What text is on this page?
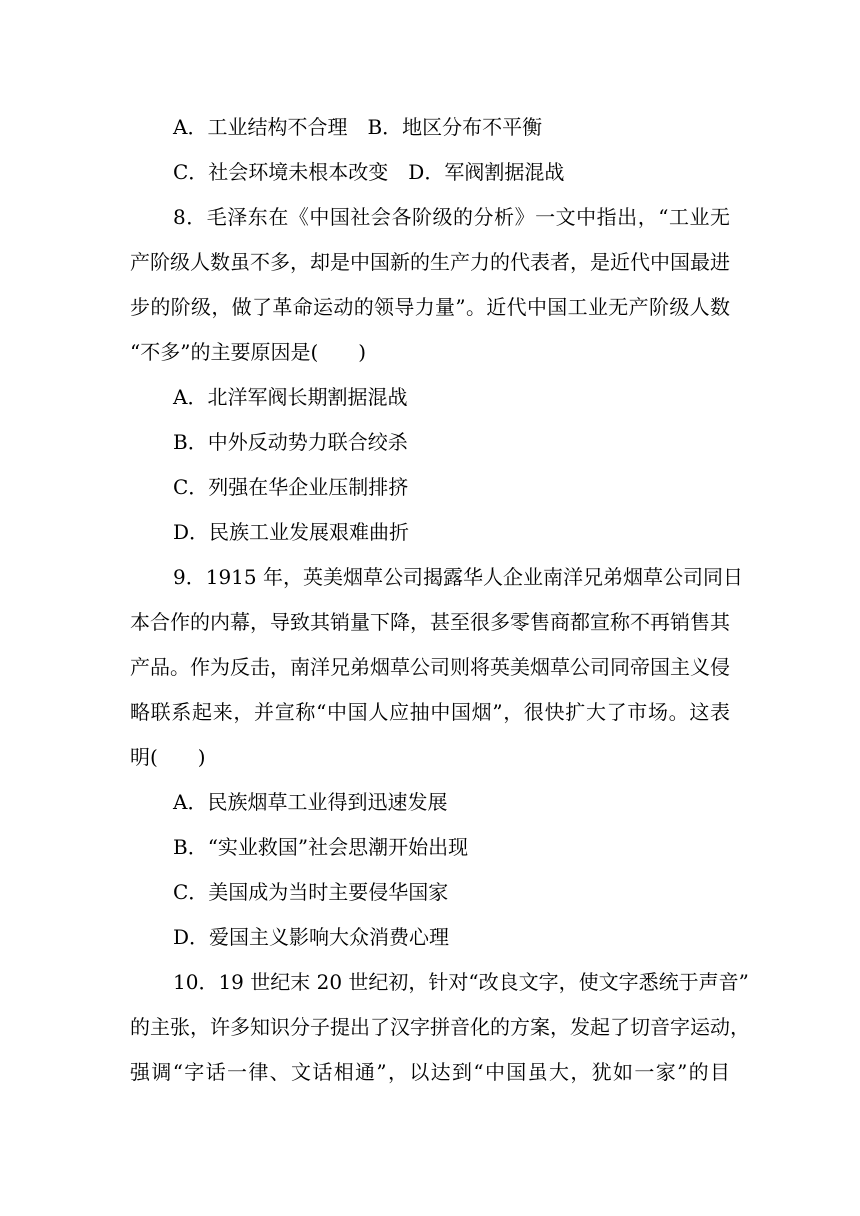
A．工业结构不合理　B．地区分布不平衡
C．社会环境未根本改变　D．军阀割据混战
8．毛泽东在《中国社会各阶级的分析》一文中指出，“工业无
产阶级人数虽不多，却是中国新的生产力的代表者，是近代中国最进
步的阶级，做了革命运动的领导力量”。近代中国工业无产阶级人数
“不多”的主要原因是(　　)
A．北洋军阀长期割据混战
B．中外反动势力联合绞杀
C．列强在华企业压制排挤
D．民族工业发展艰难曲折
9．1915 年，英美烟草公司揭露华人企业南洋兄弟烟草公司同日
本合作的内幕，导致其销量下降，甚至很多零售商都宣称不再销售其
产品。作为反击，南洋兄弟烟草公司则将英美烟草公司同帝国主义侵
略联系起来，并宣称“中国人应抽中国烟”，很快扩大了市场。这表
明(　　)
A．民族烟草工业得到迅速发展
B．“实业救国”社会思潮开始出现
C．美国成为当时主要侵华国家
D．爱国主义影响大众消费心理
10．19 世纪末 20 世纪初，针对“改良文字，使文字悉统于声音”
的主张，许多知识分子提出了汉字拼音化的方案，发起了切音字运动，
强调“字话一律、文话相通”，以达到“中国虽大，犹如一家”的目
